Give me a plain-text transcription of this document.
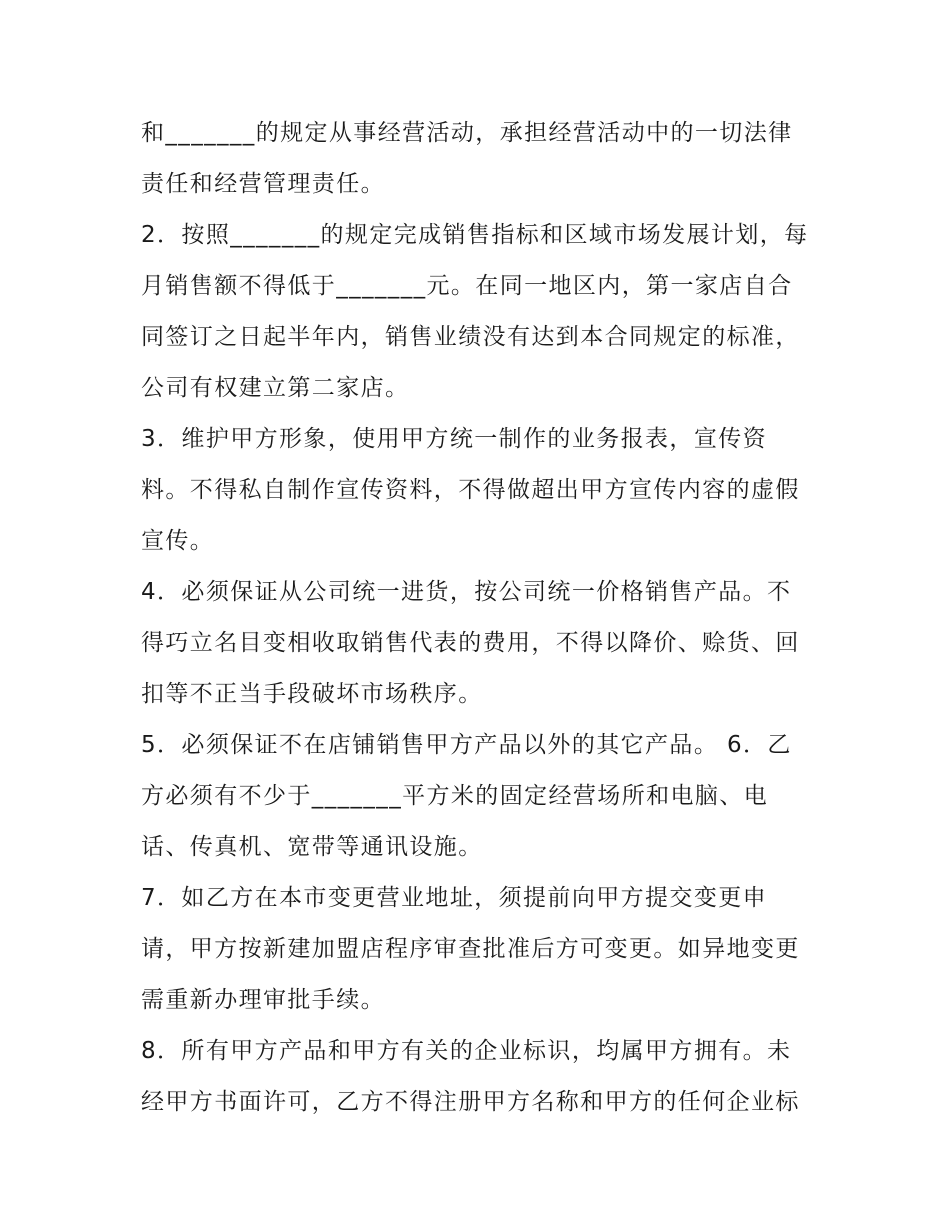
和_______的规定从事经营活动，承担经营活动中的一切法律
责任和经营管理责任。
2．按照_______的规定完成销售指标和区域市场发展计划，每
月销售额不得低于_______元。在同一地区内，第一家店自合
同签订之日起半年内，销售业绩没有达到本合同规定的标准，
公司有权建立第二家店。
3．维护甲方形象，使用甲方统一制作的业务报表，宣传资
料。不得私自制作宣传资料，不得做超出甲方宣传内容的虚假
宣传。
4．必须保证从公司统一进货，按公司统一价格销售产品。不
得巧立名目变相收取销售代表的费用，不得以降价、赊货、回
扣等不正当手段破坏市场秩序。
5．必须保证不在店铺销售甲方产品以外的其它产品。 6．乙
方必须有不少于_______平方米的固定经营场所和电脑、电
话、传真机、宽带等通讯设施。
7．如乙方在本市变更营业地址，须提前向甲方提交变更申
请，甲方按新建加盟店程序审查批准后方可变更。如异地变更
需重新办理审批手续。
8．所有甲方产品和甲方有关的企业标识，均属甲方拥有。未
经甲方书面许可，乙方不得注册甲方名称和甲方的任何企业标
